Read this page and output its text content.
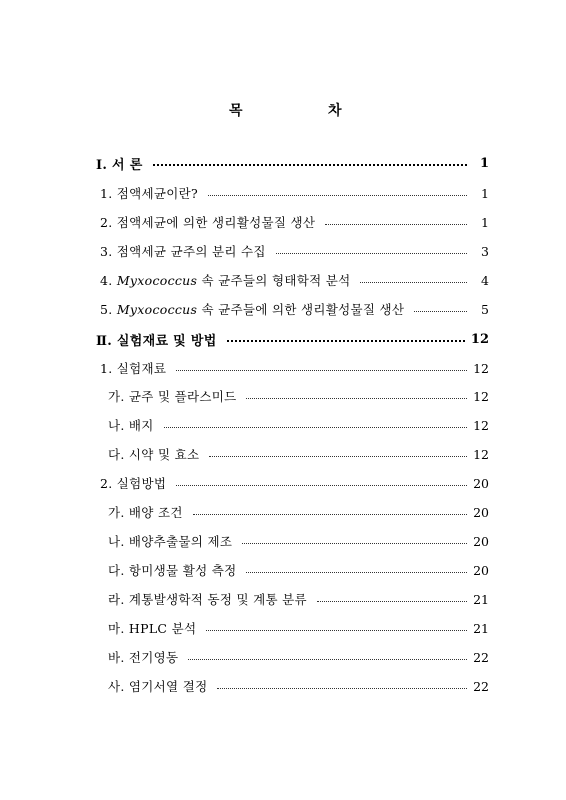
목	차
Ⅰ. 서 론	1
1. 점액세균이란?	1
2. 점액세균에 의한 생리활성물질 생산	1
3. 점액세균 균주의 분리 수집	3
4. Myxococcus 속 균주들의 형태학적 분석	4
5. Myxococcus 속 균주들에 의한 생리활성물질 생산	5
Ⅱ. 실험재료 및 방법	12
1. 실험재료	12
가. 균주 및 플라스미드	12
나. 배지	12
다. 시약 및 효소	12
2. 실험방법	20
가. 배양 조건	20
나. 배양추출물의 제조	20
다. 항미생물 활성 측정	20
라. 계통발생학적 동정 및 계통 분류	21
마. HPLC 분석	21
바. 전기영동	22
사. 염기서열 결정	22
